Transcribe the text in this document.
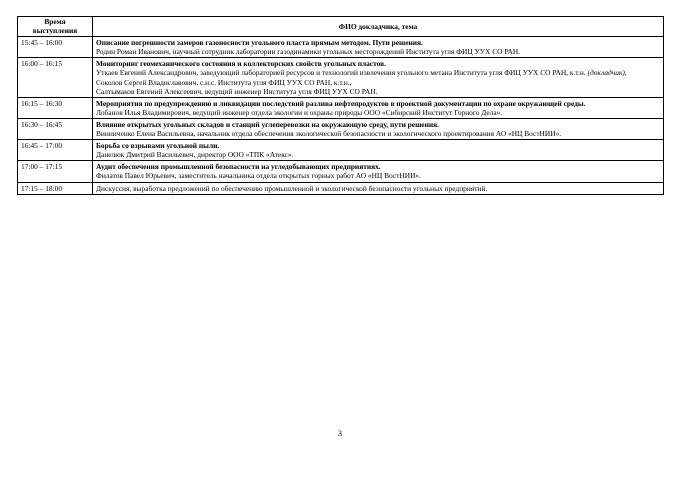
Время
выступления	ФИО докладчика, тема
15:45 – 16:00	Описание погрешности замеров газоносности угольного пласта прямым методом. Пути решения.
Родин Роман Иванович, научный сотрудник лаборатории газодинамики угольных месторождений Института угля ФИЦ УУХ СО РАН.

16:00 – 16:15	Мониторинг геомеханического состояния и коллекторских свойств угольных пластов.
Уткаев Евгений Александрович, заведующий лабораторией ресурсов и технологий извлечения угольного метана Института угля ФИЦ УУХ СО РАН, к.т.н. (докладчик),
Соколов Сергей Владиславович, с.н.с. Института угля ФИЦ УУХ СО РАН, к.т.н.,
Салтымаков Евгений Алексеевич, ведущий инженер Института угля ФИЦ УУХ СО РАН.

16:15 – 16:30	Мероприятия по предупреждению и ликвидации последствий разлива нефтепродуктов в проектной документации по охране окружающей среды.
Лобанов Илья Владимирович, ведущий инженер отдела экологии и охраны природы ООО «Сибирский Институт Горного Дела».

16:30 – 16:45	Влияние открытых угольных складов и станций углеперевозки на окружающую среду, пути решения.
Винниченко Елена Васильевна, начальник отдела обеспечения экологической безопасности и экологического проектирования АО «НЦ ВостНИИ».

16:45 – 17:00	Борьба со взрывами угольной пыли.
Данелюк Дмитрий Васильевич, директор ООО «ТПК «Атекс».

17:00 – 17:15	Аудит обеспечения промышленной безопасности на угледобывающих предприятиях.
Филатов Павел Юрьевич, заместитель начальника отдела открытых горных работ АО «НЦ ВостНИИ».

17:15 – 18:00	Дискуссия, выработка предложений по обеспечению промышленной и экологической безопасности угольных предприятий.
3
